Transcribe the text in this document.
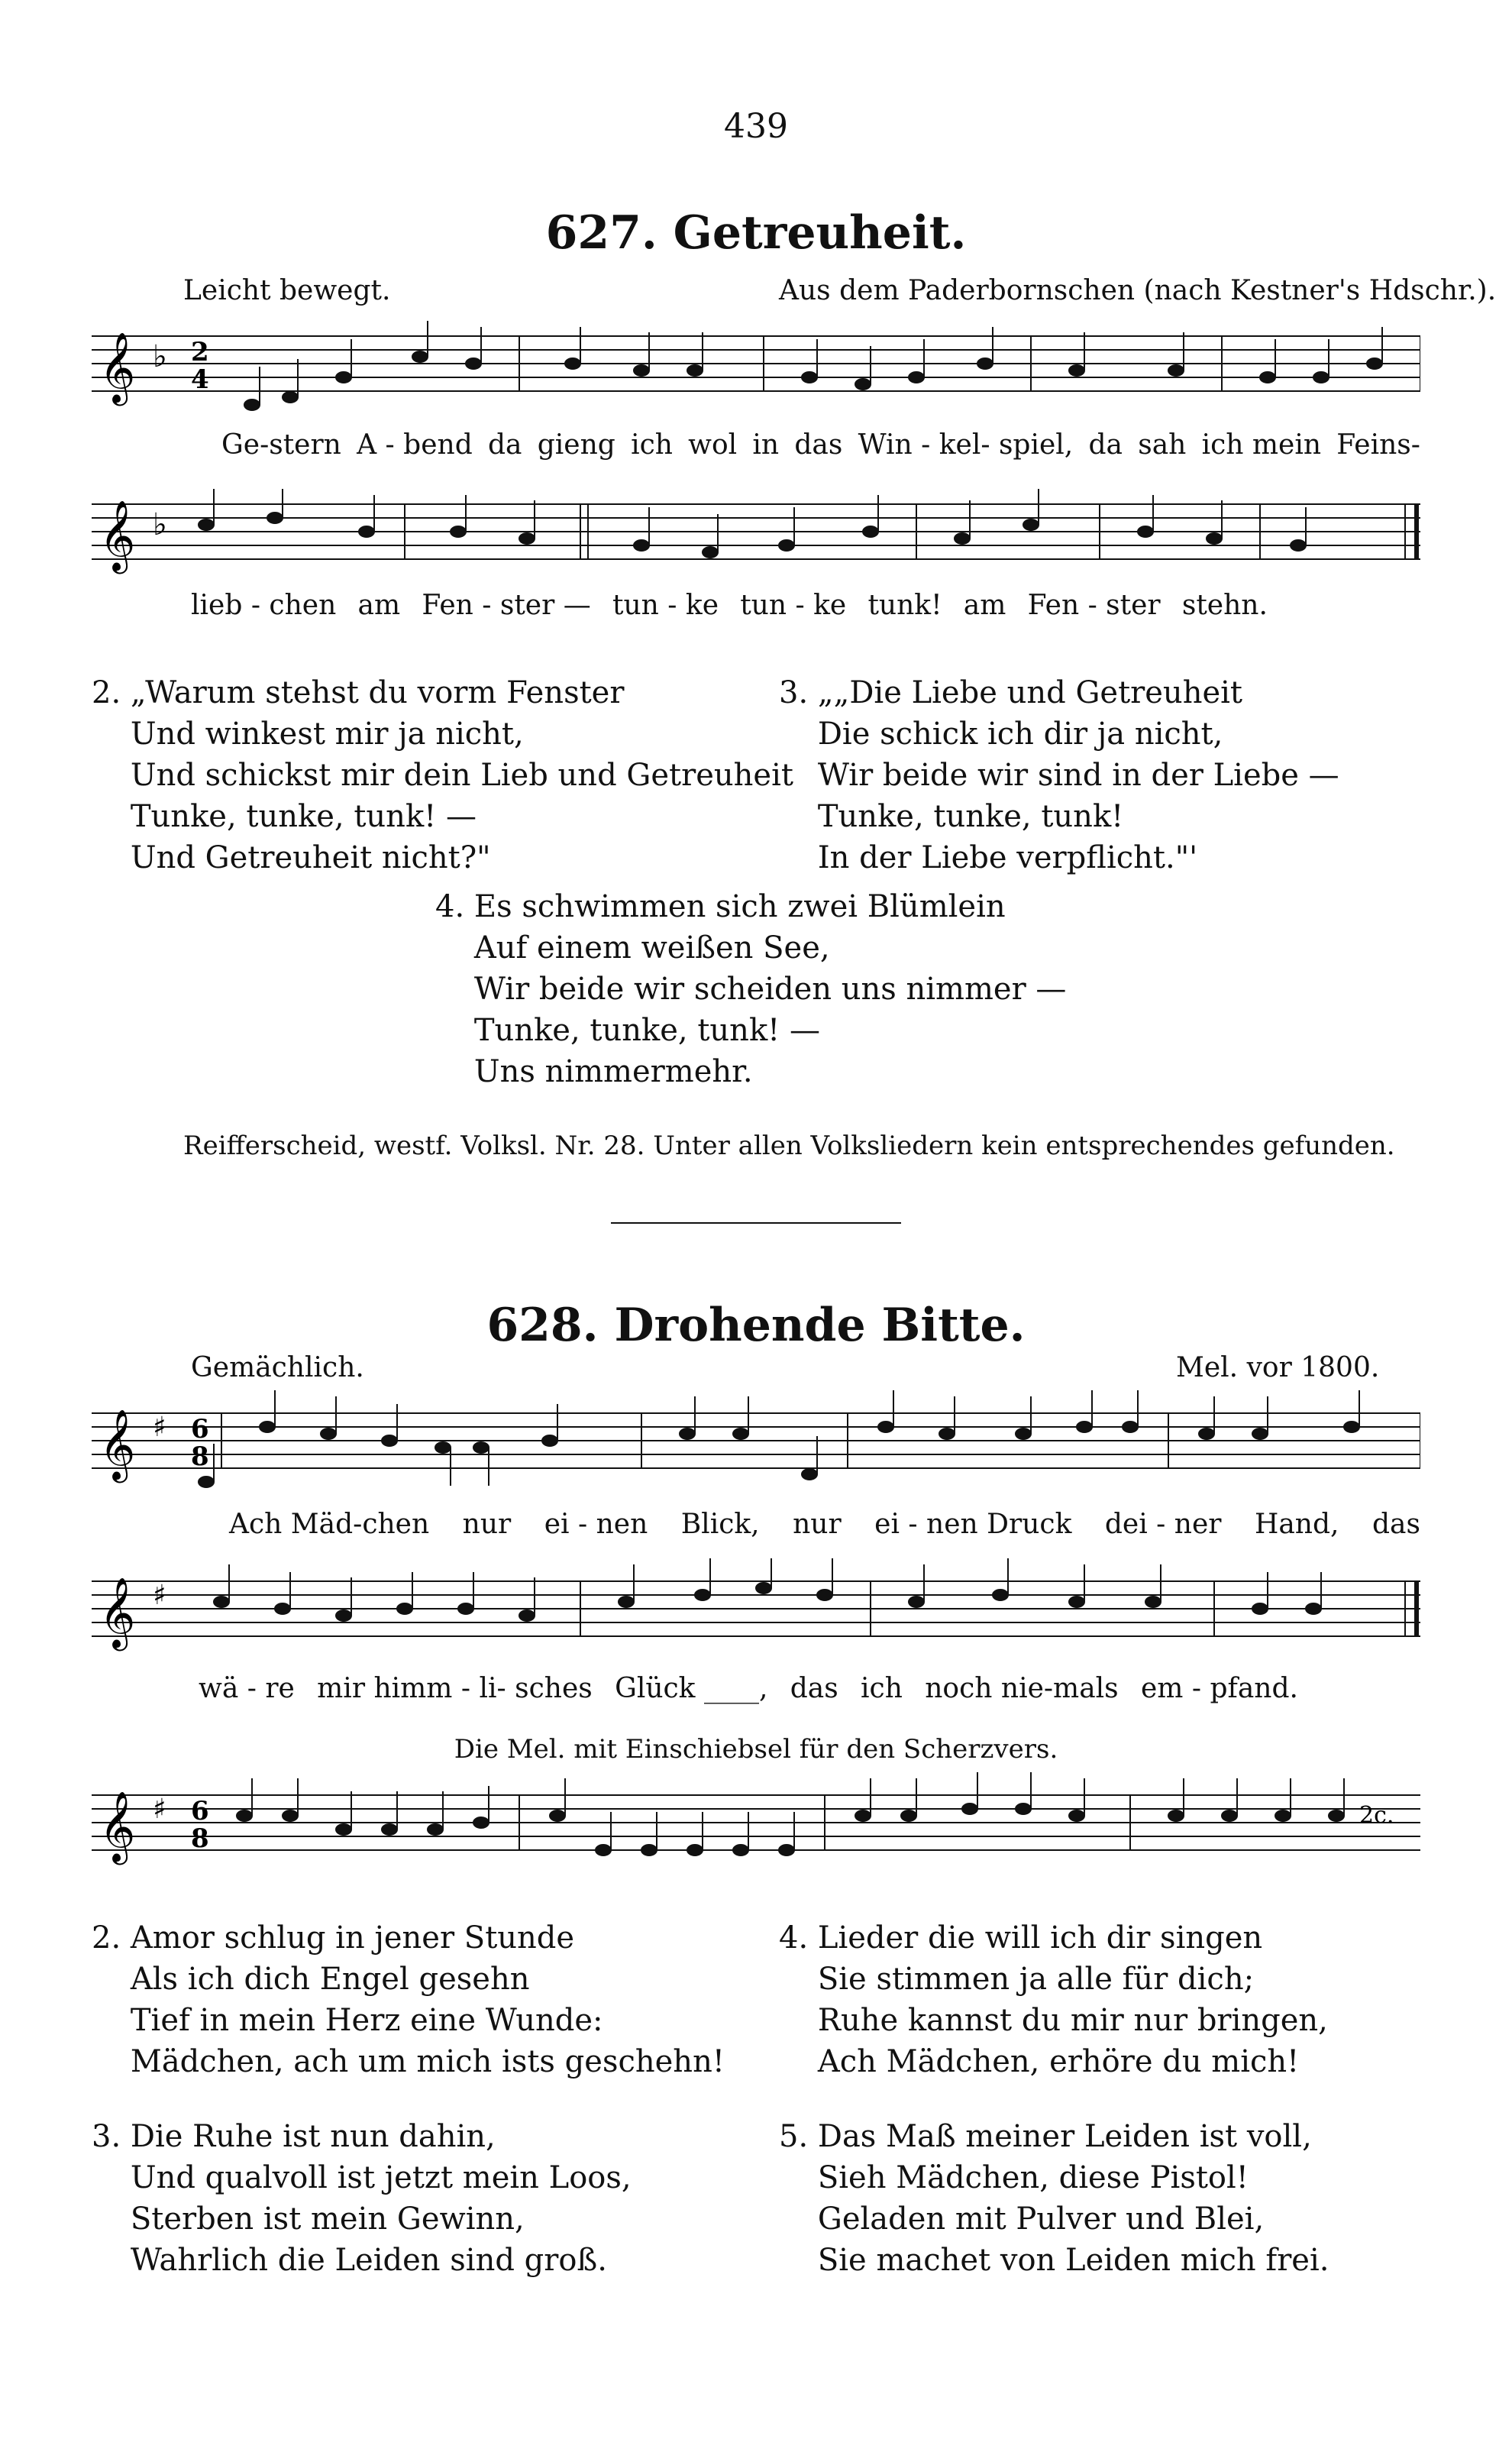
439
627. Getreuheit.
Leicht bewegt.	Aus dem Paderbornschen (nach Kestner's Hdschr.).
𝄞 ♭ 2
4
Ge-stern A - bend da gieng ich wol in das Win - kel- spiel, da sah ich mein Feins-
𝄞 ♭
lieb - chen am Fen - ster — tun - ke tun - ke tunk! am Fen - ster stehn.
2. „Warum stehst du vorm Fenster
Und winkest mir ja nicht,
Und schickst mir dein Lieb und Getreuheit
Tunke, tunke, tunk! —
Und Getreuheit nicht?"
3. „„Die Liebe und Getreuheit
Die schick ich dir ja nicht,
Wir beide wir sind in der Liebe —
Tunke, tunke, tunk!
In der Liebe verpflicht."'
4. Es schwimmen sich zwei Blümlein
Auf einem weißen See,
Wir beide wir scheiden uns nimmer —
Tunke, tunke, tunk! —
Uns nimmermehr.
Reifferscheid, westf. Volksl. Nr. 28. Unter allen Volksliedern kein entsprechendes gefunden.
628. Drohende Bitte.
Gemächlich.	Mel. vor 1800.
𝄞 ♯ 6
8
Ach Mäd-chen nur ei - nen Blick, nur ei - nen Druck dei - ner Hand, das
𝄞 ♯
wä - re mir himm - li- sches Glück ____, das ich noch nie-mals em - pfand.
Die Mel. mit Einschiebsel für den Scherzvers.
𝄞 ♯ 6
8
2c.
2. Amor schlug in jener Stunde
Als ich dich Engel gesehn
Tief in mein Herz eine Wunde:
Mädchen, ach um mich ists geschehn!
4. Lieder die will ich dir singen
Sie stimmen ja alle für dich;
Ruhe kannst du mir nur bringen,
Ach Mädchen, erhöre du mich!
3. Die Ruhe ist nun dahin,
Und qualvoll ist jetzt mein Loos,
Sterben ist mein Gewinn,
Wahrlich die Leiden sind groß.
5. Das Maß meiner Leiden ist voll,
Sieh Mädchen, diese Pistol!
Geladen mit Pulver und Blei,
Sie machet von Leiden mich frei.
